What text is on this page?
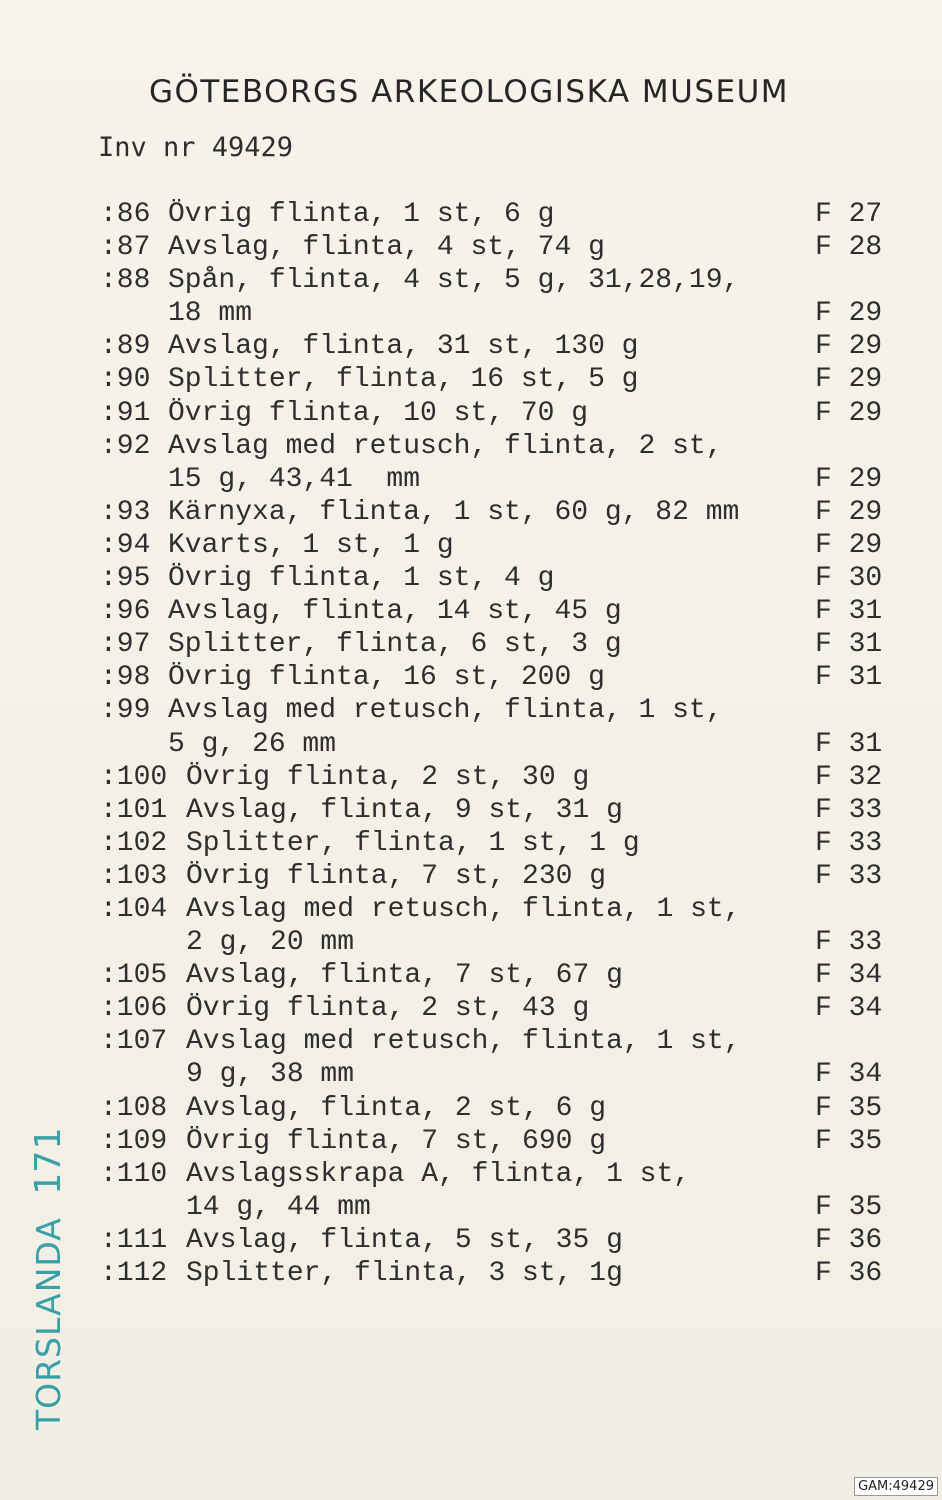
GÖTEBORGS ARKEOLOGISKA MUSEUM
Inv nr 49429
:86 Övrig flinta, 1 st, 6 g	F 27
:87 Avslag, flinta, 4 st, 74 g	F 28
:88 Spån, flinta, 4 st, 5 g, 31,28,19,
18 mm	F 29
:89 Avslag, flinta, 31 st, 130 g	F 29
:90 Splitter, flinta, 16 st, 5 g	F 29
:91 Övrig flinta, 10 st, 70 g	F 29
:92 Avslag med retusch, flinta, 2 st,
15 g, 43,41  mm	F 29
:93 Kärnyxa, flinta, 1 st, 60 g, 82 mm	F 29
:94 Kvarts, 1 st, 1 g	F 29
:95 Övrig flinta, 1 st, 4 g	F 30
:96 Avslag, flinta, 14 st, 45 g	F 31
:97 Splitter, flinta, 6 st, 3 g	F 31
:98 Övrig flinta, 16 st, 200 g	F 31
:99 Avslag med retusch, flinta, 1 st,
5 g, 26 mm	F 31
:100 Övrig flinta, 2 st, 30 g	F 32
:101 Avslag, flinta, 9 st, 31 g	F 33
:102 Splitter, flinta, 1 st, 1 g	F 33
:103 Övrig flinta, 7 st, 230 g	F 33
:104 Avslag med retusch, flinta, 1 st,
2 g, 20 mm	F 33
:105 Avslag, flinta, 7 st, 67 g	F 34
:106 Övrig flinta, 2 st, 43 g	F 34
:107 Avslag med retusch, flinta, 1 st,
9 g, 38 mm	F 34
:108 Avslag, flinta, 2 st, 6 g	F 35
:109 Övrig flinta, 7 st, 690 g	F 35
:110 Avslagsskrapa A, flinta, 1 st,
14 g, 44 mm	F 35
:111 Avslag, flinta, 5 st, 35 g	F 36
:112 Splitter, flinta, 3 st, 1g	F 36
TORSLANDA171
GAM:49429
